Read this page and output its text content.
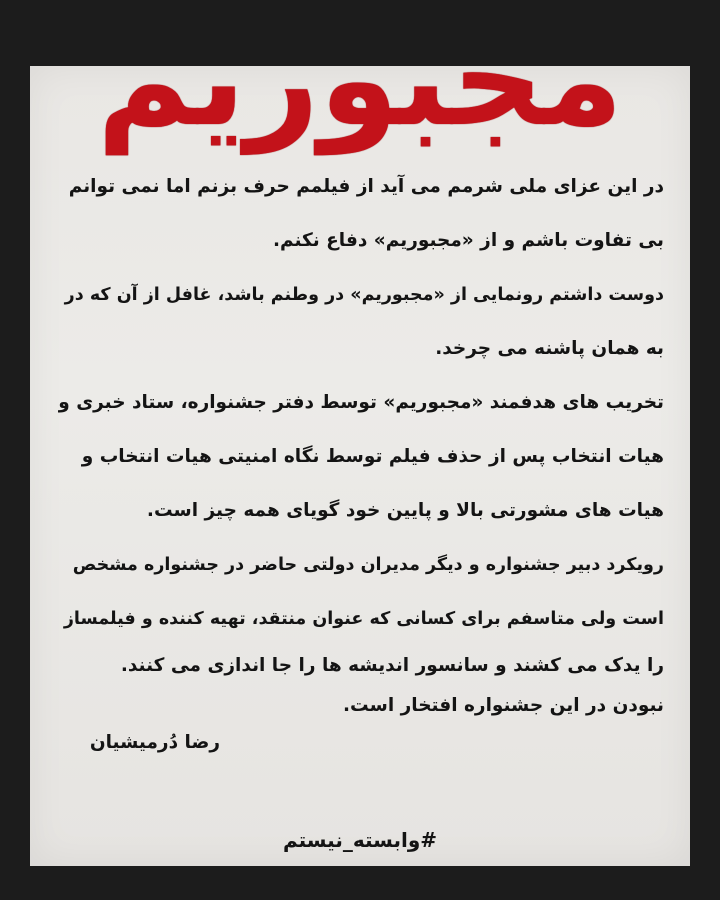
مجبوریم
در این عزای ملی شرمم می آید از فیلمم حرف بزنم اما نمی توانم
بی تفاوت باشم و از «مجبوریم» دفاع نکنم.
دوست داشتم رونمایی از «مجبوریم» در وطنم باشد، غافل از آن که در
به همان پاشنه می چرخد.
تخریب های هدفمند «مجبوریم» توسط دفتر جشنواره، ستاد خبری و
هیات انتخاب پس از حذف فیلم توسط نگاه امنیتی هیات انتخاب و
هیات های مشورتی بالا و پایین خود گویای همه چیز است.
رویکرد دبیر جشنواره و دیگر مدیران دولتی حاضر در جشنواره مشخص
است ولی متاسفم برای کسانی که عنوان منتقد، تهیه کننده و فیلمساز
را یدک می کشند و سانسور اندیشه ها را جا اندازی می کنند.
نبودن در این جشنواره افتخار است.
رضا دُرمیشیان
#وابسته_نیستم
